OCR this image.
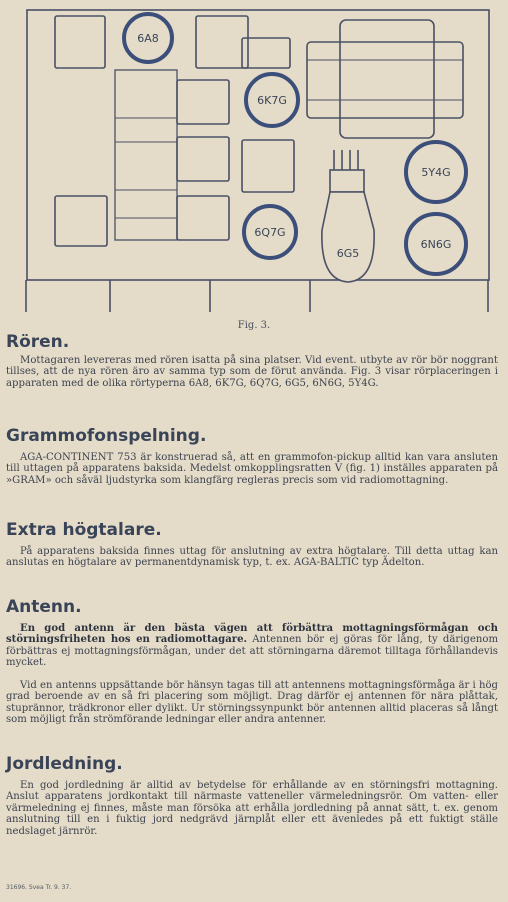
6A8
6K7G
5Y4G
6Q7G
6N6G
6G5
Fig. 3.
Rören.

Mottagaren levereras med rören isatta på sina platser. Vid event. utbyte av rör bör noggrant tillses, att de nya rören äro av samma typ som de förut använda. Fig. 3 visar rörplaceringen i apparaten med de olika rörtyperna 6A8, 6K7G, 6Q7G, 6G5, 6N6G, 5Y4G.

Grammofonspelning.

AGA-CONTINENT 753 är konstruerad så, att en grammofon-pickup alltid kan vara ansluten till uttagen på apparatens baksida. Medelst omkopplingsratten V (fig. 1) inställes apparaten på »GRAM» och såväl ljudstyrka som klangfärg regleras precis som vid radiomottagning.

Extra högtalare.

På apparatens baksida finnes uttag för anslutning av extra högtalare. Till detta uttag kan anslutas en högtalare av permanentdynamisk typ, t. ex. AGA-BALTIC typ Ädelton.

Antenn.

En god antenn är den bästa vägen att förbättra mottagningsförmågan och störningsfriheten hos en radiomottagare. Antennen bör ej göras för lång, ty därigenom förbättras ej mottagningsförmågan, under det att störningarna däremot tilltaga förhållandevis mycket.

Vid en antenns uppsättande bör hänsyn tagas till att antennens mottagningsförmåga är i hög grad beroende av en så fri placering som möjligt. Drag därför ej antennen för nära plåttak, stuprännor, trädkronor eller dylikt. Ur störningssynpunkt bör antennen alltid placeras så långt som möjligt från strömförande ledningar eller andra antenner.

Jordledning.

En god jordledning är alltid av betydelse för erhållande av en störningsfri mottagning. Anslut apparatens jordkontakt till närmaste vatteneller värmeledningsrör. Om vatten- eller värmeledning ej finnes, måste man försöka att erhålla jordledning på annat sätt, t. ex. genom anslutning till en i fuktig jord nedgrävd järnplåt eller ett ävenledes på ett fuktigt ställe nedslaget järnrör.

31696. Svea Tr. 9. 37.
